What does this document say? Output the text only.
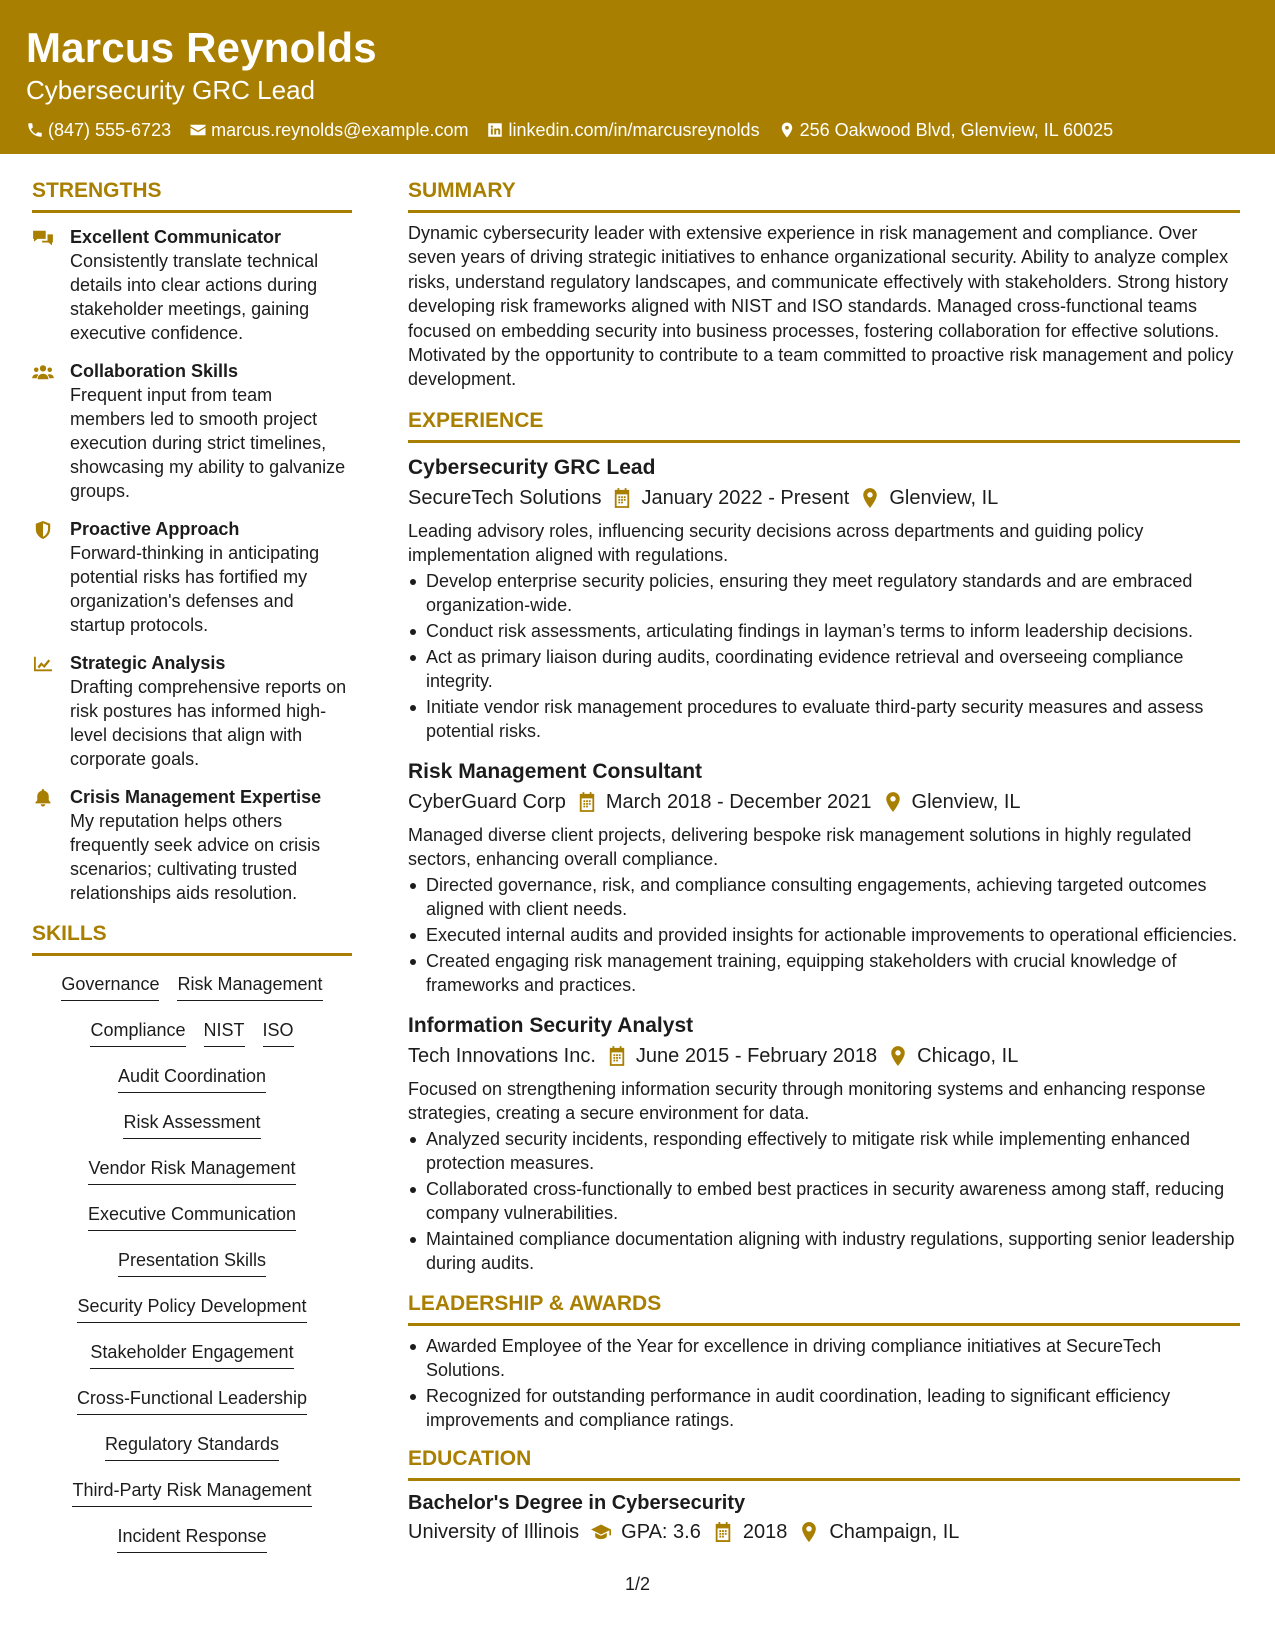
Marcus Reynolds
Cybersecurity GRC Lead
(847) 555-6723 marcus.reynolds@example.com linkedin.com/in/marcusreynolds 256 Oakwood Blvd, Glenview, IL 60025
STRENGTHS
Excellent Communicator
Consistently translate technical details into clear actions during stakeholder meetings, gaining executive confidence.
Collaboration Skills
Frequent input from team members led to smooth project execution during strict timelines, showcasing my ability to galvanize groups.
Proactive Approach
Forward-thinking in anticipating potential risks has fortified my organization's defenses and startup protocols.
Strategic Analysis
Drafting comprehensive reports on risk postures has informed high-level decisions that align with corporate goals.
Crisis Management Expertise
My reputation helps others frequently seek advice on crisis scenarios; cultivating trusted relationships aids resolution.
SKILLS
Governance Risk Management
Compliance NIST ISO
Audit Coordination
Risk Assessment
Vendor Risk Management
Executive Communication
Presentation Skills
Security Policy Development
Stakeholder Engagement
Cross-Functional Leadership
Regulatory Standards
Third-Party Risk Management
Incident Response
SUMMARY
Dynamic cybersecurity leader with extensive experience in risk management and compliance. Over seven years of driving strategic initiatives to enhance organizational security. Ability to analyze complex risks, understand regulatory landscapes, and communicate effectively with stakeholders. Strong history developing risk frameworks aligned with NIST and ISO standards. Managed cross-functional teams focused on embedding security into business processes, fostering collaboration for effective solutions. Motivated by the opportunity to contribute to a team committed to proactive risk management and policy development.
EXPERIENCE
Cybersecurity GRC Lead
SecureTech Solutions January 2022 - Present Glenview, IL
Leading advisory roles, influencing security decisions across departments and guiding policy implementation aligned with regulations.
Develop enterprise security policies, ensuring they meet regulatory standards and are embraced organization-wide.
Conduct risk assessments, articulating findings in layman’s terms to inform leadership decisions.
Act as primary liaison during audits, coordinating evidence retrieval and overseeing compliance integrity.
Initiate vendor risk management procedures to evaluate third-party security measures and assess potential risks.
Risk Management Consultant
CyberGuard Corp March 2018 - December 2021 Glenview, IL
Managed diverse client projects, delivering bespoke risk management solutions in highly regulated sectors, enhancing overall compliance.
Directed governance, risk, and compliance consulting engagements, achieving targeted outcomes aligned with client needs.
Executed internal audits and provided insights for actionable improvements to operational efficiencies.
Created engaging risk management training, equipping stakeholders with crucial knowledge of frameworks and practices.
Information Security Analyst
Tech Innovations Inc. June 2015 - February 2018 Chicago, IL
Focused on strengthening information security through monitoring systems and enhancing response strategies, creating a secure environment for data.
Analyzed security incidents, responding effectively to mitigate risk while implementing enhanced protection measures.
Collaborated cross-functionally to embed best practices in security awareness among staff, reducing company vulnerabilities.
Maintained compliance documentation aligning with industry regulations, supporting senior leadership during audits.
LEADERSHIP & AWARDS
Awarded Employee of the Year for excellence in driving compliance initiatives at SecureTech Solutions.
Recognized for outstanding performance in audit coordination, leading to significant efficiency improvements and compliance ratings.
EDUCATION
Bachelor's Degree in Cybersecurity
University of Illinois GPA: 3.6 2018 Champaign, IL
1/2
